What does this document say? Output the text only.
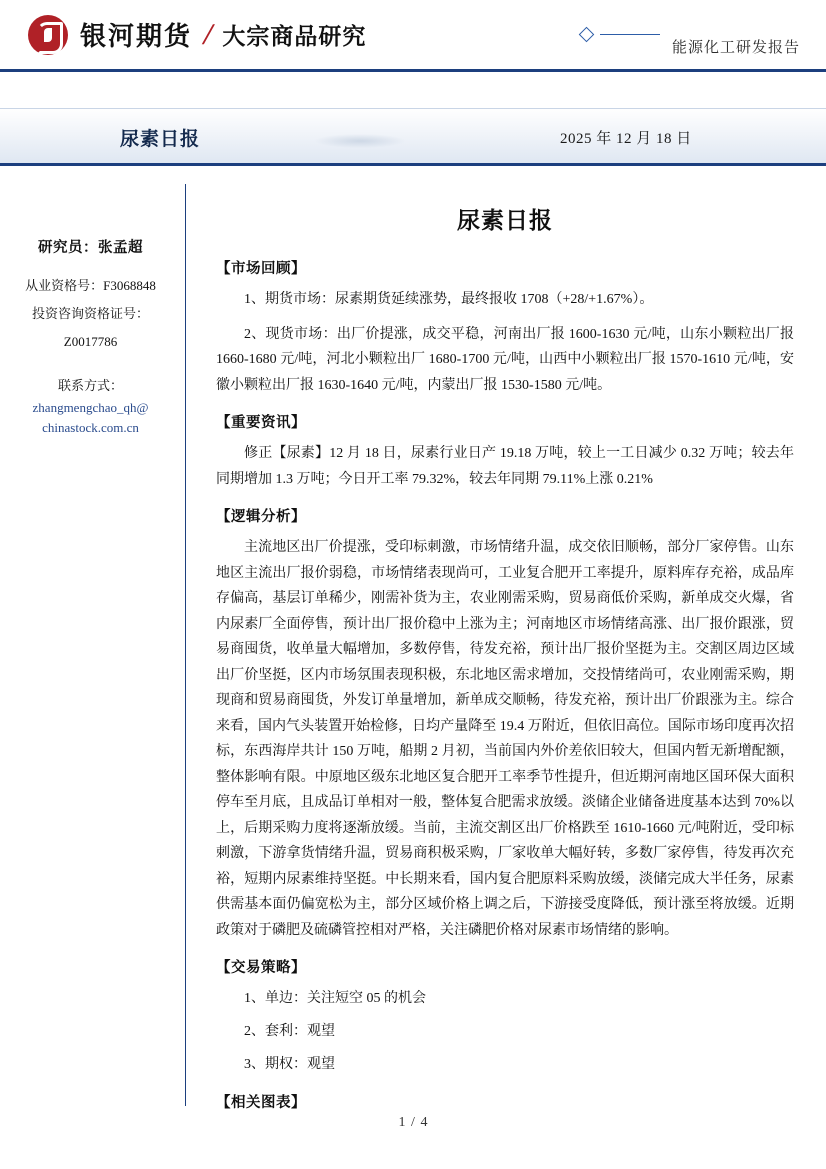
银河期货 / 大宗商品研究	能源化工研发报告
尿素日报	2025 年 12 月 18 日
研究员：张孟超
从业资格号：F3068848
投资咨询资格证号：
Z0017786
联系方式：
zhangmengchao_qh@
chinastock.com.cn
尿素日报
【市场回顾】

1、期货市场：尿素期货延续涨势，最终报收 1708（+28/+1.67%）。

2、现货市场：出厂价提涨，成交平稳，河南出厂报 1600-1630 元/吨，山东小颗粒出厂报 1660-1680 元/吨，河北小颗粒出厂 1680-1700 元/吨，山西中小颗粒出厂报 1570-1610 元/吨，安徽小颗粒出厂报 1630-1640 元/吨，内蒙出厂报 1530-1580 元/吨。

【重要资讯】

修正【尿素】12 月 18 日，尿素行业日产 19.18 万吨，较上一工日减少 0.32 万吨；较去年同期增加 1.3 万吨；今日开工率 79.32%，较去年同期 79.11%上涨 0.21%

【逻辑分析】

主流地区出厂价提涨，受印标刺激，市场情绪升温，成交依旧顺畅，部分厂家停售。山东地区主流出厂报价弱稳，市场情绪表现尚可，工业复合肥开工率提升，原料库存充裕，成品库存偏高，基层订单稀少，刚需补货为主，农业刚需采购，贸易商低价采购，新单成交火爆，省内尿素厂全面停售，预计出厂报价稳中上涨为主；河南地区市场情绪高涨、出厂报价跟涨，贸易商囤货，收单量大幅增加，多数停售，待发充裕，预计出厂报价坚挺为主。交割区周边区域出厂价坚挺，区内市场氛围表现积极，东北地区需求增加，交投情绪尚可，农业刚需采购，期现商和贸易商囤货，外发订单量增加，新单成交顺畅，待发充裕，预计出厂价跟涨为主。综合来看，国内气头装置开始检修，日均产量降至 19.4 万附近，但依旧高位。国际市场印度再次招标，东西海岸共计 150 万吨，船期 2 月初，当前国内外价差依旧较大，但国内暂无新增配额，整体影响有限。中原地区级东北地区复合肥开工率季节性提升，但近期河南地区国环保大面积停车至月底，且成品订单相对一般，整体复合肥需求放缓。淡储企业储备进度基本达到 70%以上，后期采购力度将逐渐放缓。当前，主流交割区出厂价格跌至 1610-1660 元/吨附近，受印标刺激，下游拿货情绪升温，贸易商积极采购，厂家收单大幅好转，多数厂家停售，待发再次充裕，短期内尿素维持坚挺。中长期来看，国内复合肥原料采购放缓，淡储完成大半任务，尿素供需基本面仍偏宽松为主，部分区域价格上调之后，下游接受度降低，预计涨至将放缓。近期政策对于磷肥及硫磷管控相对严格，关注磷肥价格对尿素市场情绪的影响。

【交易策略】

1、单边：关注短空 05 的机会

2、套利：观望

3、期权：观望

【相关图表】
1 / 4
